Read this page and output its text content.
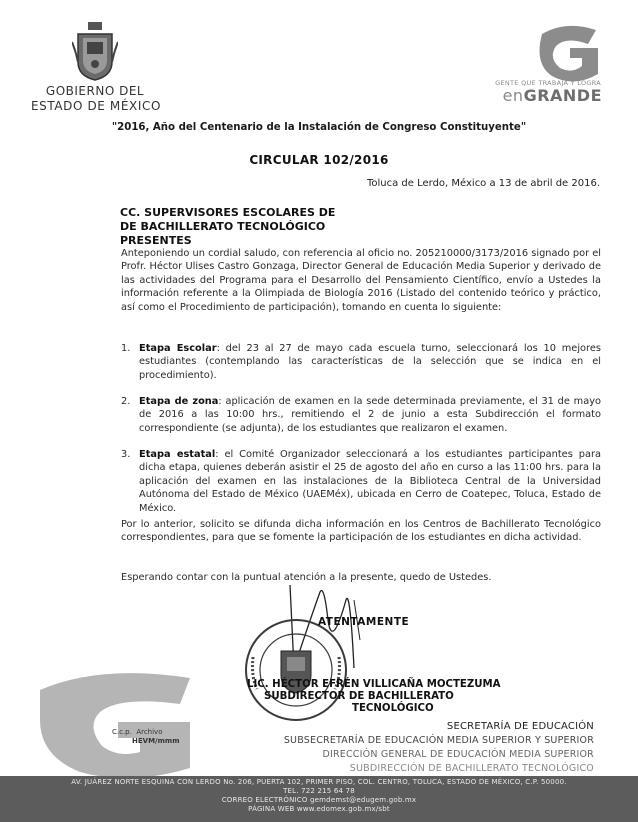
GOBIERNO DEL
ESTADO DE MÉXICO
GENTE QUE TRABAJA Y LOGRA
enGRANDE
"2016, Año del Centenario de la Instalación de Congreso Constituyente"
CIRCULAR 102/2016
Toluca de Lerdo, México a 13 de abril de 2016.
CC. SUPERVISORES ESCOLARES DE
DE BACHILLERATO TECNOLÓGICO
PRESENTES
Anteponiendo un cordial saludo, con referencia al oficio no. 205210000/3173/2016 signado por el Profr. Héctor Ulises Castro Gonzaga, Director General de Educación Media Superior y derivado de las actividades del Programa para el Desarrollo del Pensamiento Científico, envío a Ustedes la información referente a la Olimpiada de Biología 2016 (Listado del contenido teórico y práctico, así como el Procedimiento de participación), tomando en cuenta lo siguiente:
1. Etapa Escolar: del 23 al 27 de mayo cada escuela turno, seleccionará los 10 mejores estudiantes (contemplando las características de la selección que se indica en el procedimiento).
2. Etapa de zona: aplicación de examen en la sede determinada previamente, el 31 de mayo de 2016 a las 10:00 hrs., remitiendo el 2 de junio a esta Subdirección el formato correspondiente (se adjunta), de los estudiantes que realizaron el examen.
3. Etapa estatal: el Comité Organizador seleccionará a los estudiantes participantes para dicha etapa, quienes deberán asistir el 25 de agosto del año en curso a las 11:00 hrs. para la aplicación del examen en las instalaciones de la Biblioteca Central de la Universidad Autónoma del Estado de México (UAEMéx), ubicada en Cerro de Coatepec, Toluca, Estado de México.
Por lo anterior, solicito se difunda dicha información en los Centros de Bachillerato Tecnológico correspondientes, para que se fomente la participación de los estudiantes en dicha actividad.
Esperando contar con la puntual atención a la presente, quedo de Ustedes.
ATENTAMENTE
LIC. HÉCTOR EFRÉN VILLICAÑA MOCTEZUMA
SUBDIRECTOR DE BACHILLERATO
TECNOLÓGICO
C.c.p. Archivo
HEVM/mmm
SECRETARÍA DE EDUCACIÓN
SUBSECRETARÍA DE EDUCACIÓN MEDIA SUPERIOR Y SUPERIOR
DIRECCIÓN GENERAL DE EDUCACIÓN MEDIA SUPERIOR
SUBDIRECCIÓN DE BACHILLERATO TECNOLÓGICO
AV. JUÁREZ NORTE ESQUINA CON LERDO No. 206, PUERTA 102, PRIMER PISO, COL. CENTRO, TOLUCA, ESTADO DE MÉXICO, C.P. 50000.
TEL. 722 215 64 78
CORREO ELECTRÓNICO gemdemst@edugem.gob.mx
PÁGINA WEB www.edomex.gob.mx/sbt
